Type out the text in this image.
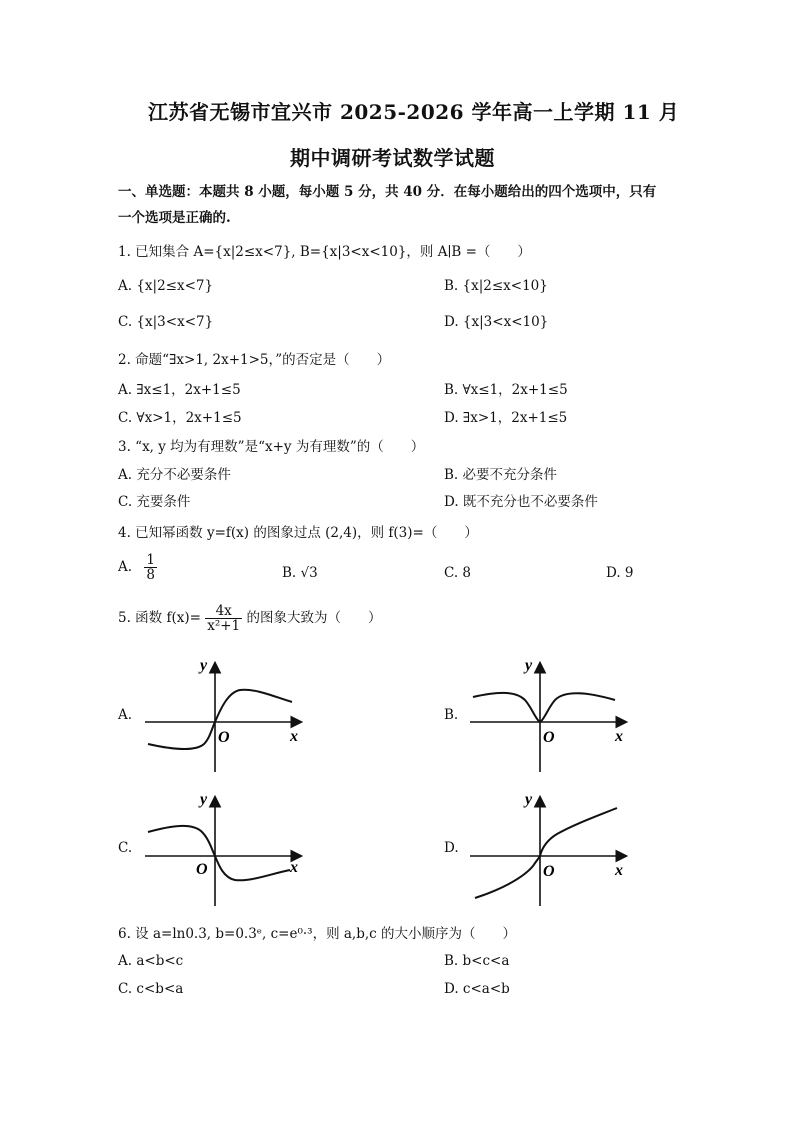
江苏省无锡市宜兴市 2025-2026 学年高一上学期 11 月
期中调研考试数学试题
一、单选题：本题共 8 小题，每小题 5 分，共 40 分．在每小题给出的四个选项中，只有
一个选项是正确的.
1. 已知集合 A={x|2≤x<7}, B={x|3<x<10}，则 A∣B =（　　）
A. {x|2≤x<7}	B. {x|2≤x<10}
C. {x|3<x<7}	D. {x|3<x<10}
2. 命题“∃x>1, 2x+1>5，”的否定是（　　）
A. ∃x≤1，2x+1≤5	B. ∀x≤1，2x+1≤5
C. ∀x>1，2x+1≤5	D. ∃x>1，2x+1≤5
3. “x, y 均为有理数”是“x+y 为有理数”的（　　）
A. 充分不必要条件	B. 必要不充分条件
C. 充要条件	D. 既不充分也不必要条件
4. 已知幂函数 y=f(x) 的图象过点 (2,4)，则 f(3)=（　　）
A. $\frac{1}{8}$	B. √3	C. 8	D. 9
5. 函数 $f(x)= \frac{4x}{\text{x²+1}}$ 的图象大致为（　　）
A.	B.
C.	D.
y
x
O
y
x
O
y
x
O
y
x
O
6. 设 a=ln0.3, b=0.3ᵉ, c=e⁰·³，则 a,b,c 的大小顺序为（　　）
A. a<b<c	B. b<c<a
C. c<b<a	D. c<a<b
